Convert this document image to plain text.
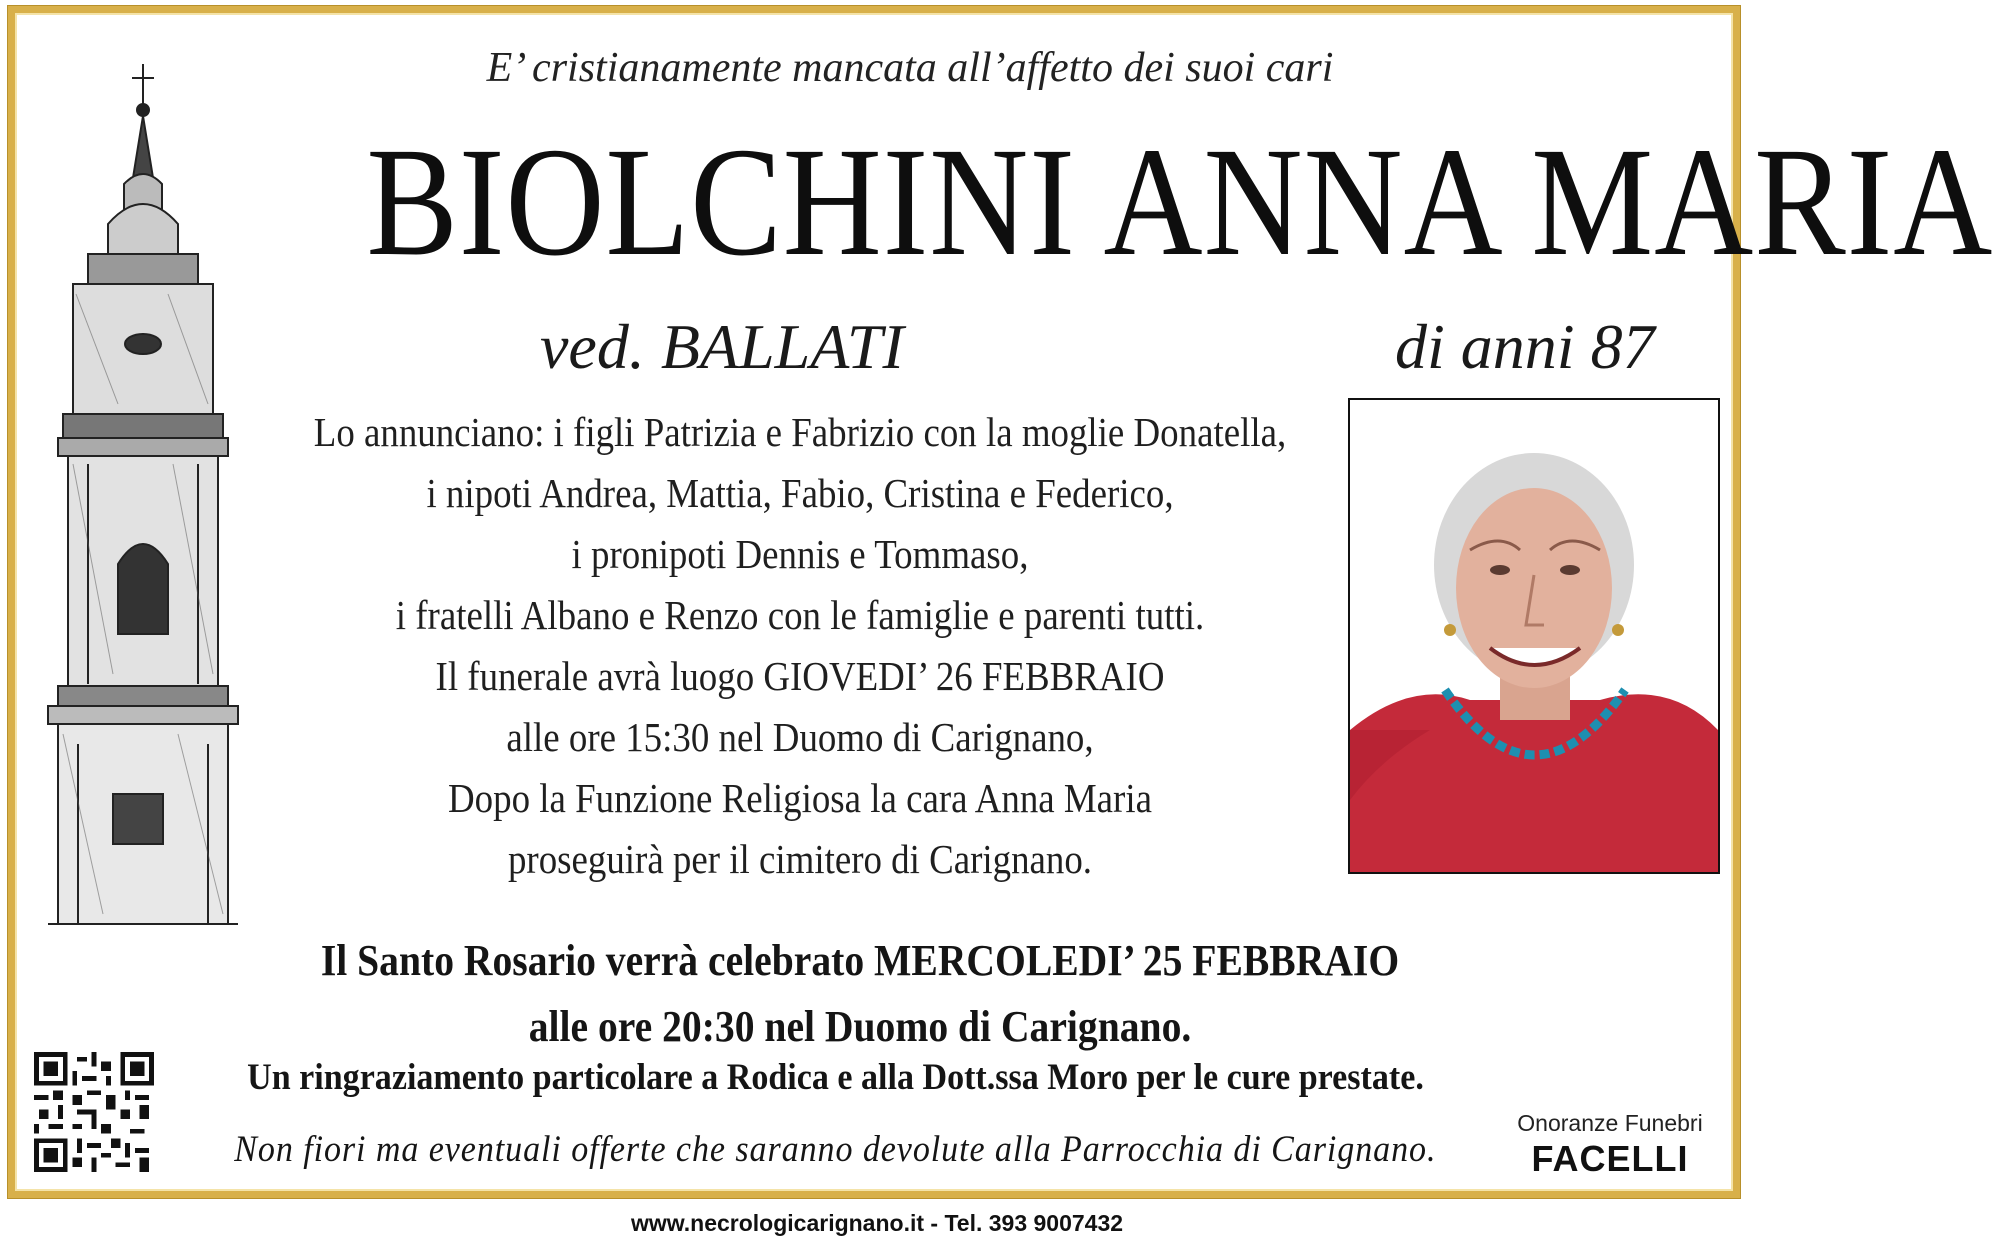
E’ cristianamente mancata all’affetto dei suoi cari
BIOLCHINI ANNA MARIA
ved. BALLATI	di anni 87
Lo annunciano: i figli Patrizia e Fabrizio con la moglie Donatella,
i nipoti Andrea, Mattia, Fabio, Cristina e Federico,
i pronipoti Dennis e Tommaso,
i fratelli Albano e Renzo con le famiglie e parenti tutti.
Il funerale avrà luogo GIOVEDI’ 26 FEBBRAIO
alle ore 15:30 nel Duomo di Carignano,
Dopo la Funzione Religiosa la cara Anna Maria
proseguirà per il cimitero di Carignano.
Il Santo Rosario verrà celebrato MERCOLEDI’ 25 FEBBRAIO
alle ore 20:30 nel Duomo di Carignano.
Un ringraziamento particolare a Rodica e alla Dott.ssa Moro per le cure prestate.
Non fiori ma eventuali offerte che saranno devolute alla Parrocchia di Carignano.
Onoranze Funebri
FACELLI
www.necrologicarignano.it - Tel. 393 9007432
